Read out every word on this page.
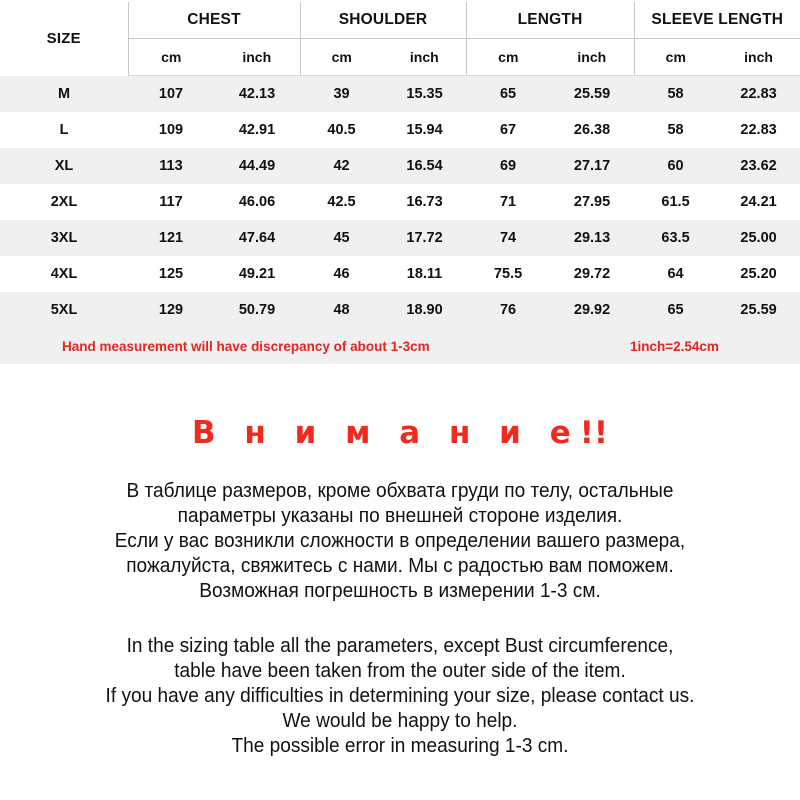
SIZE	CHEST		SHOULDER		LENGTH		SLEEVE LENGTH	
	cm	inch	cm	inch	cm	inch	cm	inch
M	107	42.13	39	15.35	65	25.59	58	22.83
L	109	42.91	40.5	15.94	67	26.38	58	22.83
XL	113	44.49	42	16.54	69	27.17	60	23.62
2XL	117	46.06	42.5	16.73	71	27.95	61.5	24.21
3XL	121	47.64	45	17.72	74	29.13	63.5	25.00
4XL	125	49.21	46	18.11	75.5	29.72	64	25.20
5XL	129	50.79	48	18.90	76	29.92	65	25.59
Hand measurement will have discrepancy of about 1-3cm	1inch=2.54cm
В н и м а н и е!!
В таблице размеров, кроме обхвата груди по телу, остальные
параметры указаны по внешней стороне изделия.
Если у вас возникли сложности в определении вашего размера,
пожалуйста, свяжитесь с нами. Мы с радостью вам поможем.
Возможная погрешность в измерении 1-3 см.
In the sizing table all the parameters, except Bust circumference,
table have been taken from the outer side of the item.
If you have any difficulties in determining your size, please contact us.
We would be happy to help.
The possible error in measuring 1-3 cm.
